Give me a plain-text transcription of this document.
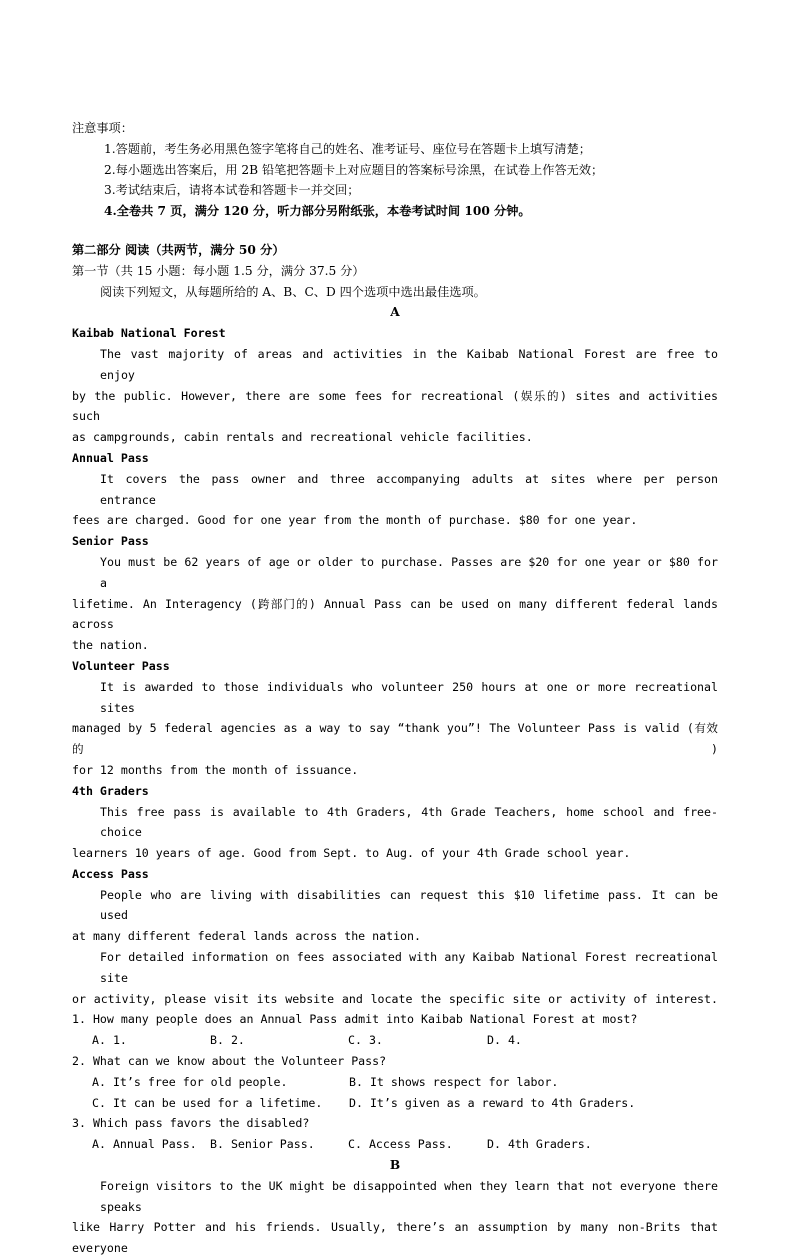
注意事项：
1.答题前，考生务必用黑色签字笔将自己的姓名、准考证号、座位号在答题卡上填写清楚；
2.每小题选出答案后，用 2B 铅笔把答题卡上对应题目的答案标号涂黑，在试卷上作答无效；
3.考试结束后，请将本试卷和答题卡一并交回；
4.全卷共 7 页，满分 120 分，听力部分另附纸张，本卷考试时间 100 分钟。
第二部分 阅读（共两节，满分 50 分）
第一节（共 15 小题：每小题 1.5 分，满分 37.5 分）
阅读下列短文，从每题所给的 A、B、C、D 四个选项中选出最佳选项。
A
Kaibab National Forest
The vast majority of areas and activities in the Kaibab National Forest are free to enjoy
by the public. However, there are some fees for recreational (娱乐的) sites and activities such
as campgrounds, cabin rentals and recreational vehicle facilities.
Annual Pass
It covers the pass owner and three accompanying adults at sites where per person entrance
fees are charged. Good for one year from the month of purchase. $80 for one year.
Senior Pass
You must be 62 years of age or older to purchase. Passes are $20 for one year or $80 for a
lifetime. An Interagency (跨部门的) Annual Pass can be used on many different federal lands across
the nation.
Volunteer Pass
It is awarded to those individuals who volunteer 250 hours at one or more recreational sites
managed by 5 federal agencies as a way to say “thank you”! The Volunteer Pass is valid (有效的)
for 12 months from the month of issuance.
4th Graders
This free pass is available to 4th Graders, 4th Grade Teachers, home school and free-choice
learners 10 years of age. Good from Sept. to Aug. of your 4th Grade school year.
Access Pass
People who are living with disabilities can request this $10 lifetime pass. It can be used
at many different federal lands across the nation.
For detailed information on fees associated with any Kaibab National Forest recreational site
or activity, please visit its website and locate the specific site or activity of interest.
1. How many people does an Annual Pass admit into Kaibab National Forest at most?
A. 1.	B. 2.	C. 3.	D. 4.
2. What can we know about the Volunteer Pass?
A. It’s free for old people.	B. It shows respect for labor.
C. It can be used for a lifetime.	D. It’s given as a reward to 4th Graders.
3. Which pass favors the disabled?
A. Annual Pass.	B. Senior Pass.	C. Access Pass.	D. 4th Graders.
B
Foreign visitors to the UK might be disappointed when they learn that not everyone there speaks
like Harry Potter and his friends. Usually, there’s an assumption by many non-Brits that everyone
